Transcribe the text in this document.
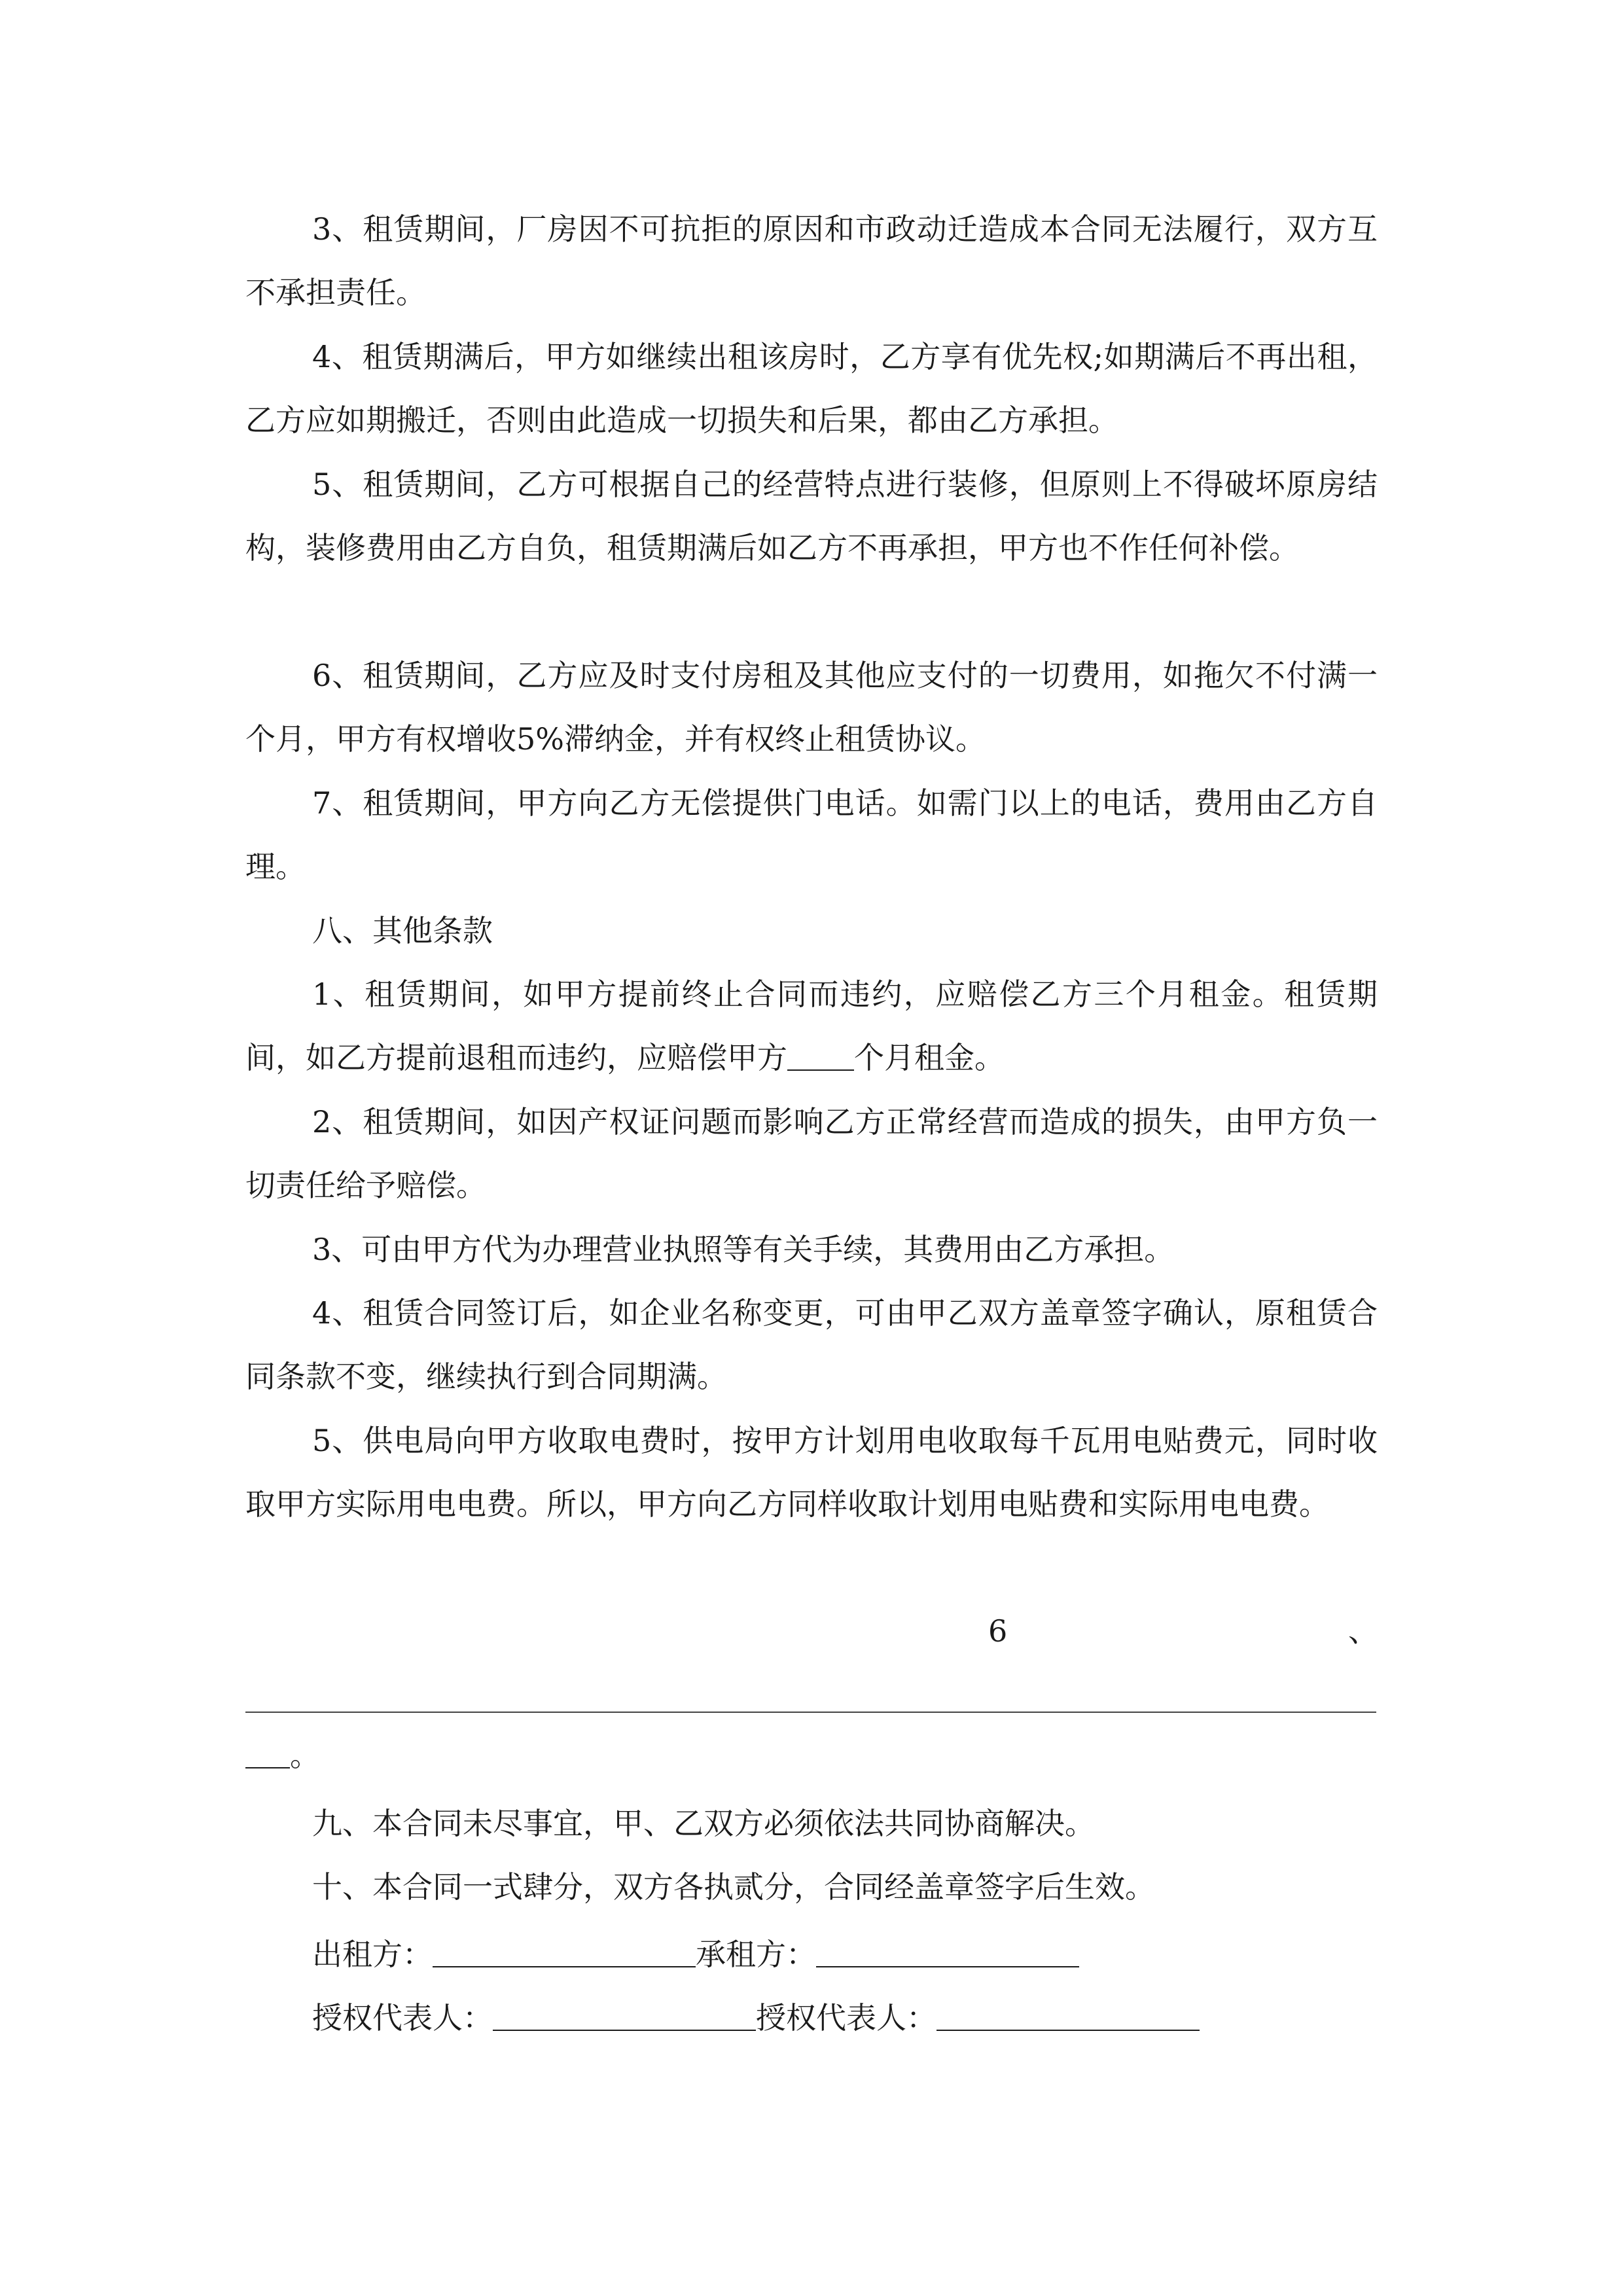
3、租赁期间，厂房因不可抗拒的原因和市政动迁造成本合同无法履行，双方互不承担责任。

4、租赁期满后，甲方如继续出租该房时，乙方享有优先权;如期满后不再出租，乙方应如期搬迁，否则由此造成一切损失和后果，都由乙方承担。

5、租赁期间，乙方可根据自己的经营特点进行装修，但原则上不得破坏原房结构，装修费用由乙方自负，租赁期满后如乙方不再承担，甲方也不作任何补偿。

6、租赁期间，乙方应及时支付房租及其他应支付的一切费用，如拖欠不付满一个月，甲方有权增收5%滞纳金，并有权终止租赁协议。

7、租赁期间，甲方向乙方无偿提供门电话。如需门以上的电话，费用由乙方自理。

八、其他条款

1、租赁期间，如甲方提前终止合同而违约，应赔偿乙方三个月租金。租赁期间，如乙方提前退租而违约，应赔偿甲方 个月租金。

2、租赁期间，如因产权证问题而影响乙方正常经营而造成的损失，由甲方负一切责任给予赔偿。

3、可由甲方代为办理营业执照等有关手续，其费用由乙方承担。

4、租赁合同签订后，如企业名称变更，可由甲乙双方盖章签字确认，原租赁合同条款不变，继续执行到合同期满。

5、供电局向甲方收取电费时，按甲方计划用电收取每千瓦用电贴费元，同时收取甲方实际用电电费。所以，甲方向乙方同样收取计划用电贴费和实际用电电费。

6	、
。

九、本合同未尽事宜，甲、乙双方必须依法共同协商解决。

十、本合同一式肆分，双方各执贰分，合同经盖章签字后生效。

出租方：	承租方：
授权代表人：	授权代表人：
